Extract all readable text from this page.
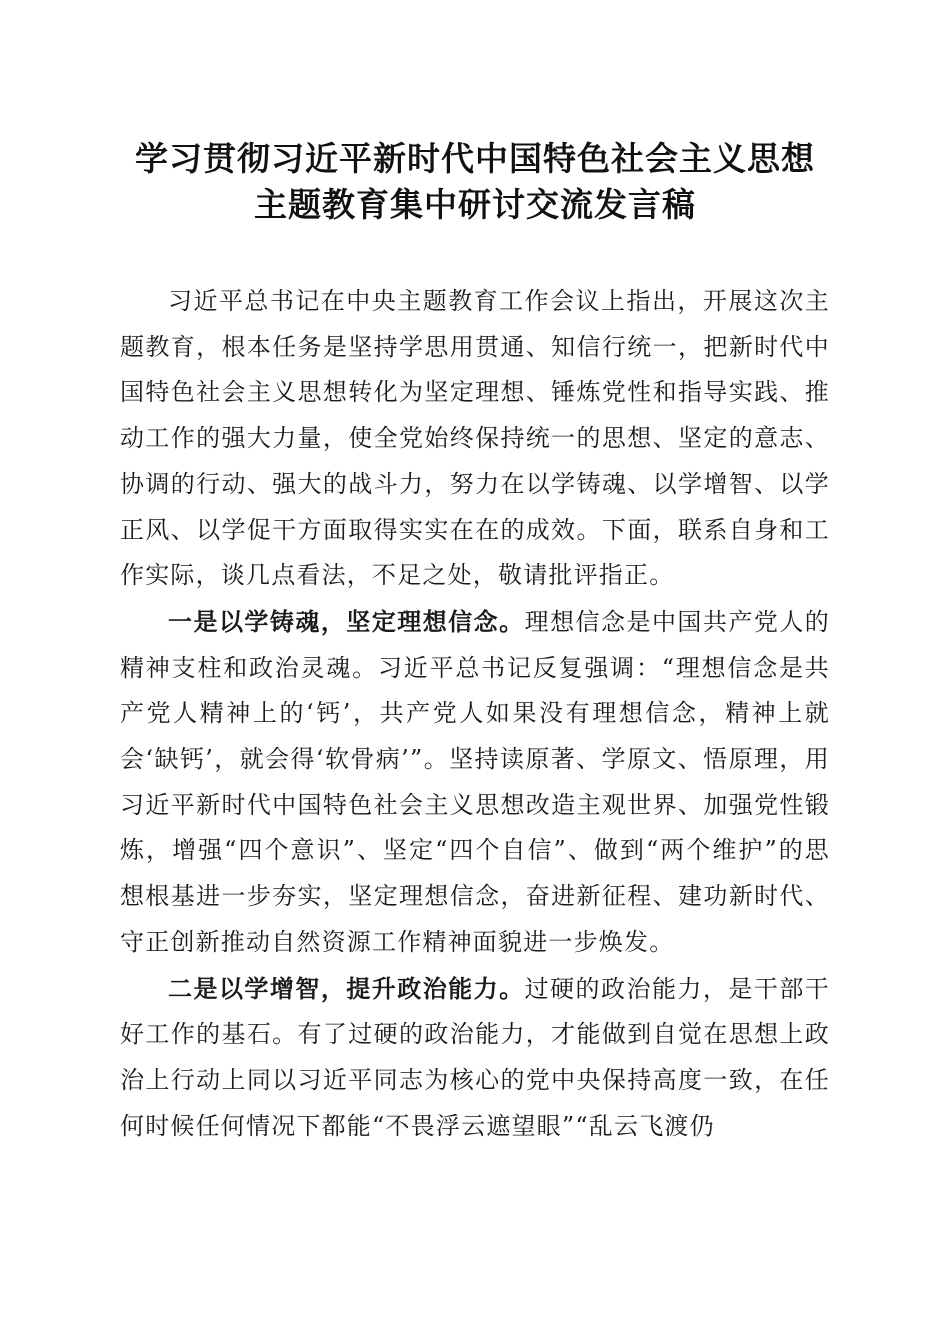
学习贯彻习近平新时代中国特色社会主义思想
主题教育集中研讨交流发言稿

习近平总书记在中央主题教育工作会议上指出，开展这次主题教育，根本任务是坚持学思用贯通、知信行统一，把新时代中国特色社会主义思想转化为坚定理想、锤炼党性和指导实践、推动工作的强大力量，使全党始终保持统一的思想、坚定的意志、协调的行动、强大的战斗力，努力在以学铸魂、以学增智、以学正风、以学促干方面取得实实在在的成效。下面，联系自身和工作实际，谈几点看法，不足之处，敬请批评指正。

一是以学铸魂，坚定理想信念。理想信念是中国共产党人的精神支柱和政治灵魂。习近平总书记反复强调：“理想信念是共产党人精神上的‘钙’，共产党人如果没有理想信念，精神上就会‘缺钙’，就会得‘软骨病’”。坚持读原著、学原文、悟原理，用习近平新时代中国特色社会主义思想改造主观世界、加强党性锻炼，增强“四个意识”、坚定“四个自信”、做到“两个维护”的思想根基进一步夯实，坚定理想信念，奋进新征程、建功新时代、守正创新推动自然资源工作精神面貌进一步焕发。

二是以学增智，提升政治能力。过硬的政治能力，是干部干好工作的基石。有了过硬的政治能力，才能做到自觉在思想上政治上行动上同以习近平同志为核心的党中央保持高度一致，在任何时候任何情况下都能“不畏浮云遮望眼”“乱云飞渡仍
